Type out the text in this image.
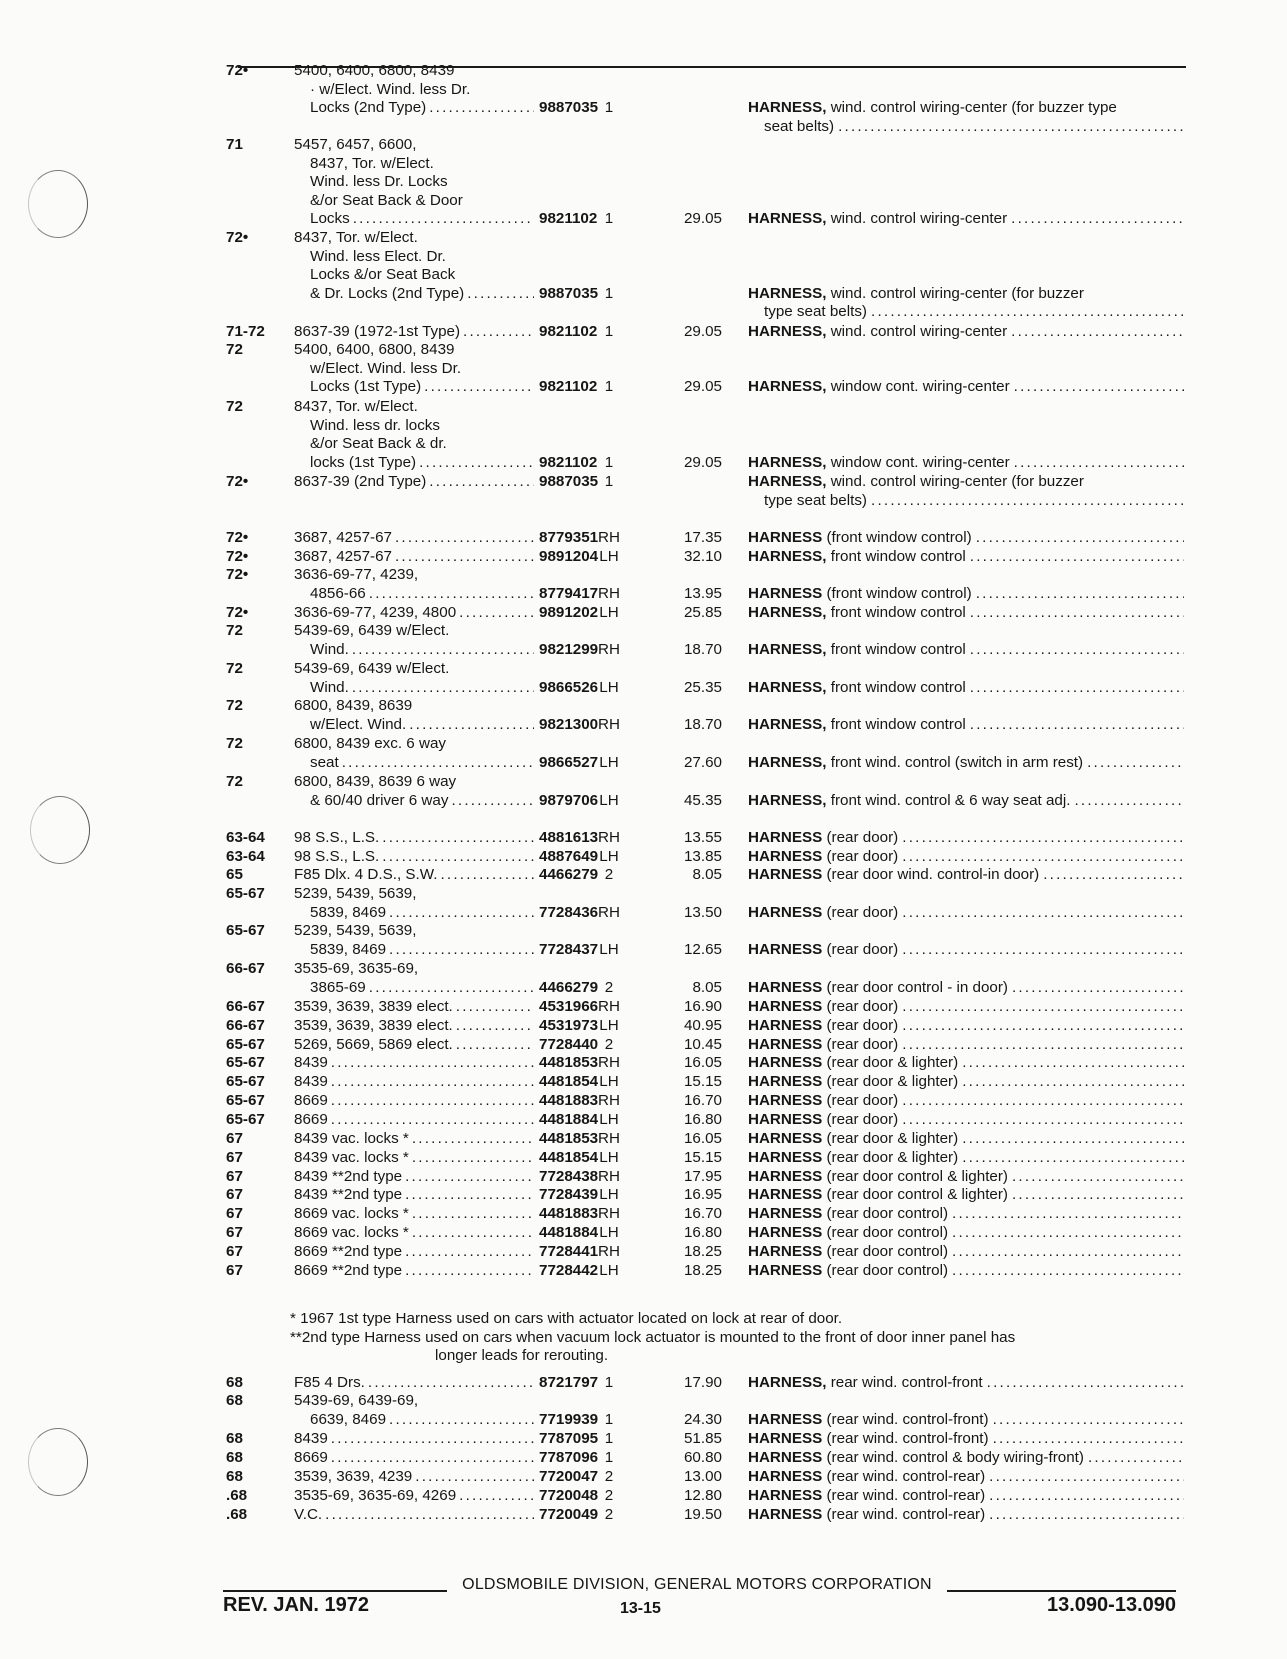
72•	5400, 6400, 6800, 8439
· w/Elect. Wind. less Dr.
Locks (2nd Type) . . .	9887035 1	HARNESS, wind. control wiring-center (for buzzer type
seat belts)
. . .
71	5457, 6457, 6600,
8437, Tor. w/Elect.
Wind. less Dr. Locks
&/or Seat Back & Door
Locks . . .	9821102 1	29.05 HARNESS, wind. control wiring-center
. . .
72•	8437, Tor. w/Elect.
Wind. less Elect. Dr.
Locks &/or Seat Back
& Dr. Locks (2nd Type) . . .	9887035 1	HARNESS, wind. control wiring-center (for buzzer
type seat belts)
. . .
71-72 8637-39 (1972-1st Type) . . .	9821102 1	29.05 HARNESS, wind. control wiring-center
. . .
72	5400, 6400, 6800, 8439
w/Elect. Wind. less Dr.
Locks (1st Type) . . .	9821102 1	29.05 HARNESS, window cont. wiring-center
. . .
72	8437, Tor. w/Elect.
Wind. less dr. locks
&/or Seat Back & dr.
locks (1st Type) . . .	9821102 1	29.05 HARNESS, window cont. wiring-center
. . .
72•	8637-39 (2nd Type) . . .	9887035 1	HARNESS, wind. control wiring-center (for buzzer
type seat belts)
. . .
72•	3687, 4257-67 . . .	8779351 RH	17.35 HARNESS (front window control)
. . .
72•	3687, 4257-67 . . .	9891204 LH	32.10 HARNESS, front window control
. . .
72•	3636-69-77, 4239,
4856-66 . . .	8779417 RH	13.95 HARNESS (front window control)
. . .
72•	3636-69-77, 4239, 4800 . . .	9891202 LH	25.85 HARNESS, front window control
. . .
72	5439-69, 6439 w/Elect.
Wind. . . .	9821299 RH	18.70 HARNESS, front window control
. . .
72	5439-69, 6439 w/Elect.
Wind. . . .	9866526 LH	25.35 HARNESS, front window control
. . .
72	6800, 8439, 8639
w/Elect. Wind. . . .	9821300 RH	18.70 HARNESS, front window control
. . .
72	6800, 8439 exc. 6 way
seat . . .	9866527 LH	27.60 HARNESS, front wind. control (switch in arm rest)
. . .
72	6800, 8439, 8639 6 way
& 60/40 driver 6 way . . .	9879706 LH	45.35 HARNESS, front wind. control & 6 way seat adj.
. . .
63-64 98 S.S., L.S. . . .	4881613 RH	13.55 HARNESS (rear door)
. . .
63-64 98 S.S., L.S. . . .	4887649 LH	13.85 HARNESS (rear door)
. . .
65	F85 Dlx. 4 D.S., S.W. . . .	4466279 2	8.05 HARNESS (rear door wind. control-in door)
. . .
65-67 5239, 5439, 5639,
5839, 8469 . . .	7728436 RH	13.50 HARNESS (rear door)
. . .
65-67 5239, 5439, 5639,
5839, 8469 . . .	7728437 LH	12.65 HARNESS (rear door)
. . .
66-67 3535-69, 3635-69,
3865-69 . . .	4466279 2	8.05 HARNESS (rear door control - in door)
. . .
66-67 3539, 3639, 3839 elect. . . .	4531966 RH	16.90 HARNESS (rear door)
. . .
66-67 3539, 3639, 3839 elect. . . .	4531973 LH	40.95 HARNESS (rear door)
. . .
65-67 5269, 5669, 5869 elect. . . .	7728440 2	10.45 HARNESS (rear door)
. . .
65-67 8439 . . .	4481853 RH	16.05 HARNESS (rear door & lighter)
. . .
65-67 8439 . . .	4481854 LH	15.15 HARNESS (rear door & lighter)
. . .
65-67 8669 . . .	4481883 RH	16.70 HARNESS (rear door)
. . .
65-67 8669 . . .	4481884 LH	16.80 HARNESS (rear door)
. . .
67	8439 vac. locks * . . .	4481853 RH	16.05 HARNESS (rear door & lighter)
. . .
67	8439 vac. locks * . . .	4481854 LH	15.15 HARNESS (rear door & lighter)
. . .
67	8439 **2nd type . . .	7728438 RH	17.95 HARNESS (rear door control & lighter)
. . .
67	8439 **2nd type . . .	7728439 LH	16.95 HARNESS (rear door control & lighter)
. . .
67	8669 vac. locks * . . .	4481883 RH	16.70 HARNESS (rear door control)
. . .
67	8669 vac. locks * . . .	4481884 LH	16.80 HARNESS (rear door control)
. . .
67	8669 **2nd type . . .	7728441 RH	18.25 HARNESS (rear door control)
. . .
67	8669 **2nd type . . .	7728442 LH	18.25 HARNESS (rear door control)
. . .
68	F85 4 Drs. . . .	8721797 1	17.90 HARNESS, rear wind. control-front
. . .
68	5439-69, 6439-69,
6639, 8469 . . .	7719939 1	24.30 HARNESS (rear wind. control-front)
. . .
68	8439 . . .	7787095 1	51.85 HARNESS (rear wind. control-front)
. . .
68	8669 . . .	7787096 1	60.80 HARNESS (rear wind. control & body wiring-front)
. . .
68	3539, 3639, 4239 . . .	7720047 2	13.00 HARNESS (rear wind. control-rear)
. . .
.68	3535-69, 3635-69, 4269 . . .	7720048 2	12.80 HARNESS (rear wind. control-rear)
. . .
.68	V.C. . . .	7720049 2	19.50 HARNESS (rear wind. control-rear)
. . .
* 1967 1st type Harness used on cars with actuator located on lock at rear of door.
**2nd type Harness used on cars when vacuum lock actuator is mounted to the front of door inner panel has
longer leads for rerouting.
OLDSMOBILE DIVISION, GENERAL MOTORS CORPORATION
REV. JAN. 1972	13-15	13.090-13.090
